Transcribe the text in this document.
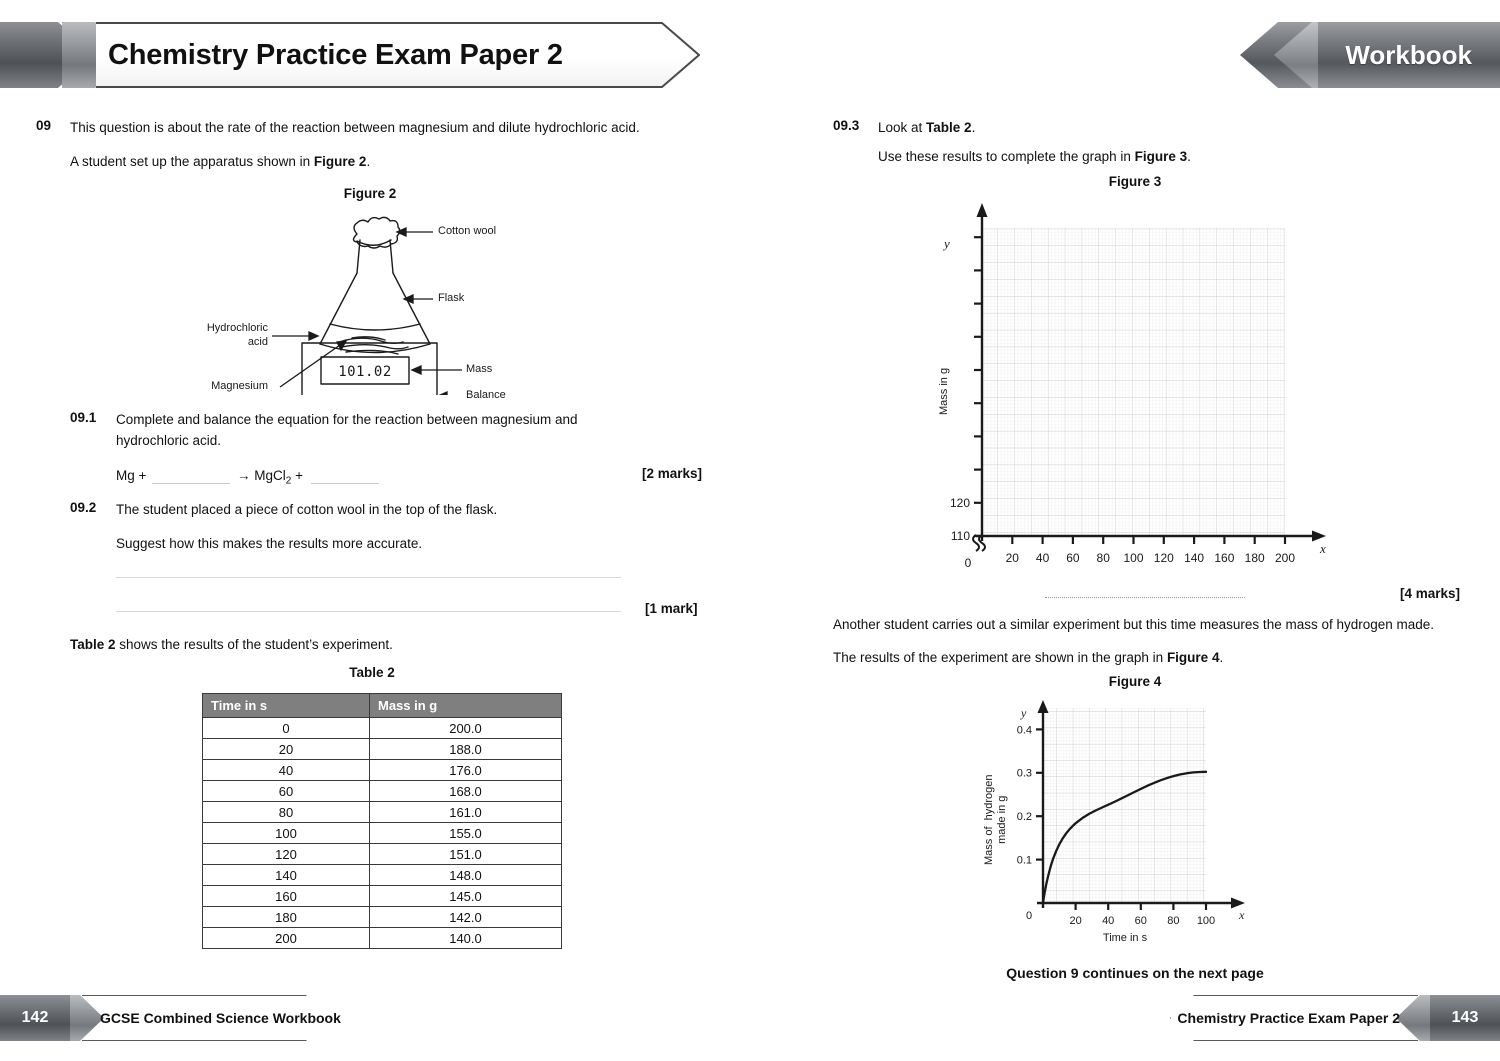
Chemistry Practice Exam Paper 2	Workbook
09 This question is about the rate of the reaction between magnesium and dilute hydrochloric acid.
A student set up the apparatus shown in Figure 2.
Figure 2
101.02
Cotton wool
Flask
Hydrochloric
acid
Magnesium
Mass
Balance
09.1 Complete and balance the equation for the reaction between magnesium and
hydrochloric acid.
Mg +	→ MgCl$_2$ +	[2 marks]
09.2 The student placed a piece of cotton wool in the top of the flask.
Suggest how this makes the results more accurate.
[1 mark]
Table 2 shows the results of the student’s experiment.
Table 2
Time in s	Mass in g
0	200.0
20	188.0
40	176.0
60	168.0
80	161.0
100	155.0
120	151.0
140	148.0
160	145.0
180	142.0
200	140.0
09.3 Look at Table 2.
Use these results to complete the graph in Figure 3.
Figure 3
y
x
0
110
120
20 40 60 80 100 120 140 160 180 200
Mass in g
[4 marks]
Another student carries out a similar experiment but this time measures the mass of hydrogen made.
The results of the experiment are shown in the graph in Figure 4.
Figure 4
y
x
0
0.1
0.2
0.3
0.4
20 40 60 80 100
Time in s
Mass of  hydrogen
made in g
Question 9 continues on the next page
142	GCSE Combined Science Workbook	143
Chemistry Practice Exam Paper 2
